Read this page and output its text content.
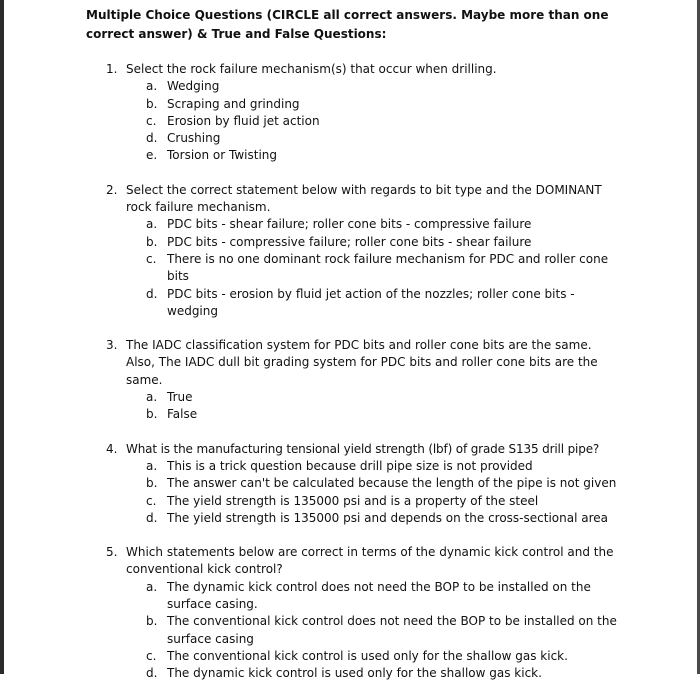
Multiple Choice Questions (CIRCLE all correct answers. Maybe more than one correct answer) & True and False Questions:
1. Select the rock failure mechanism(s) that occur when drilling.
a. Wedging
b. Scraping and grinding
c. Erosion by fluid jet action
d. Crushing
e. Torsion or Twisting
2. Select the correct statement below with regards to bit type and the DOMINANT rock failure mechanism.
a. PDC bits - shear failure; roller cone bits - compressive failure
b. PDC bits - compressive failure; roller cone bits - shear failure
c. There is no one dominant rock failure mechanism for PDC and roller cone bits
d. PDC bits - erosion by fluid jet action of the nozzles; roller cone bits - wedging
3. The IADC classification system for PDC bits and roller cone bits are the same. Also, The IADC dull bit grading system for PDC bits and roller cone bits are the same.
a. True
b. False
4. What is the manufacturing tensional yield strength (lbf) of grade S135 drill pipe?
a. This is a trick question because drill pipe size is not provided
b. The answer can't be calculated because the length of the pipe is not given
c. The yield strength is 135000 psi and is a property of the steel
d. The yield strength is 135000 psi and depends on the cross-sectional area
5. Which statements below are correct in terms of the dynamic kick control and the conventional kick control?
a. The dynamic kick control does not need the BOP to be installed on the surface casing.
b. The conventional kick control does not need the BOP to be installed on the surface casing
c. The conventional kick control is used only for the shallow gas kick.
d. The dynamic kick control is used only for the shallow gas kick.
